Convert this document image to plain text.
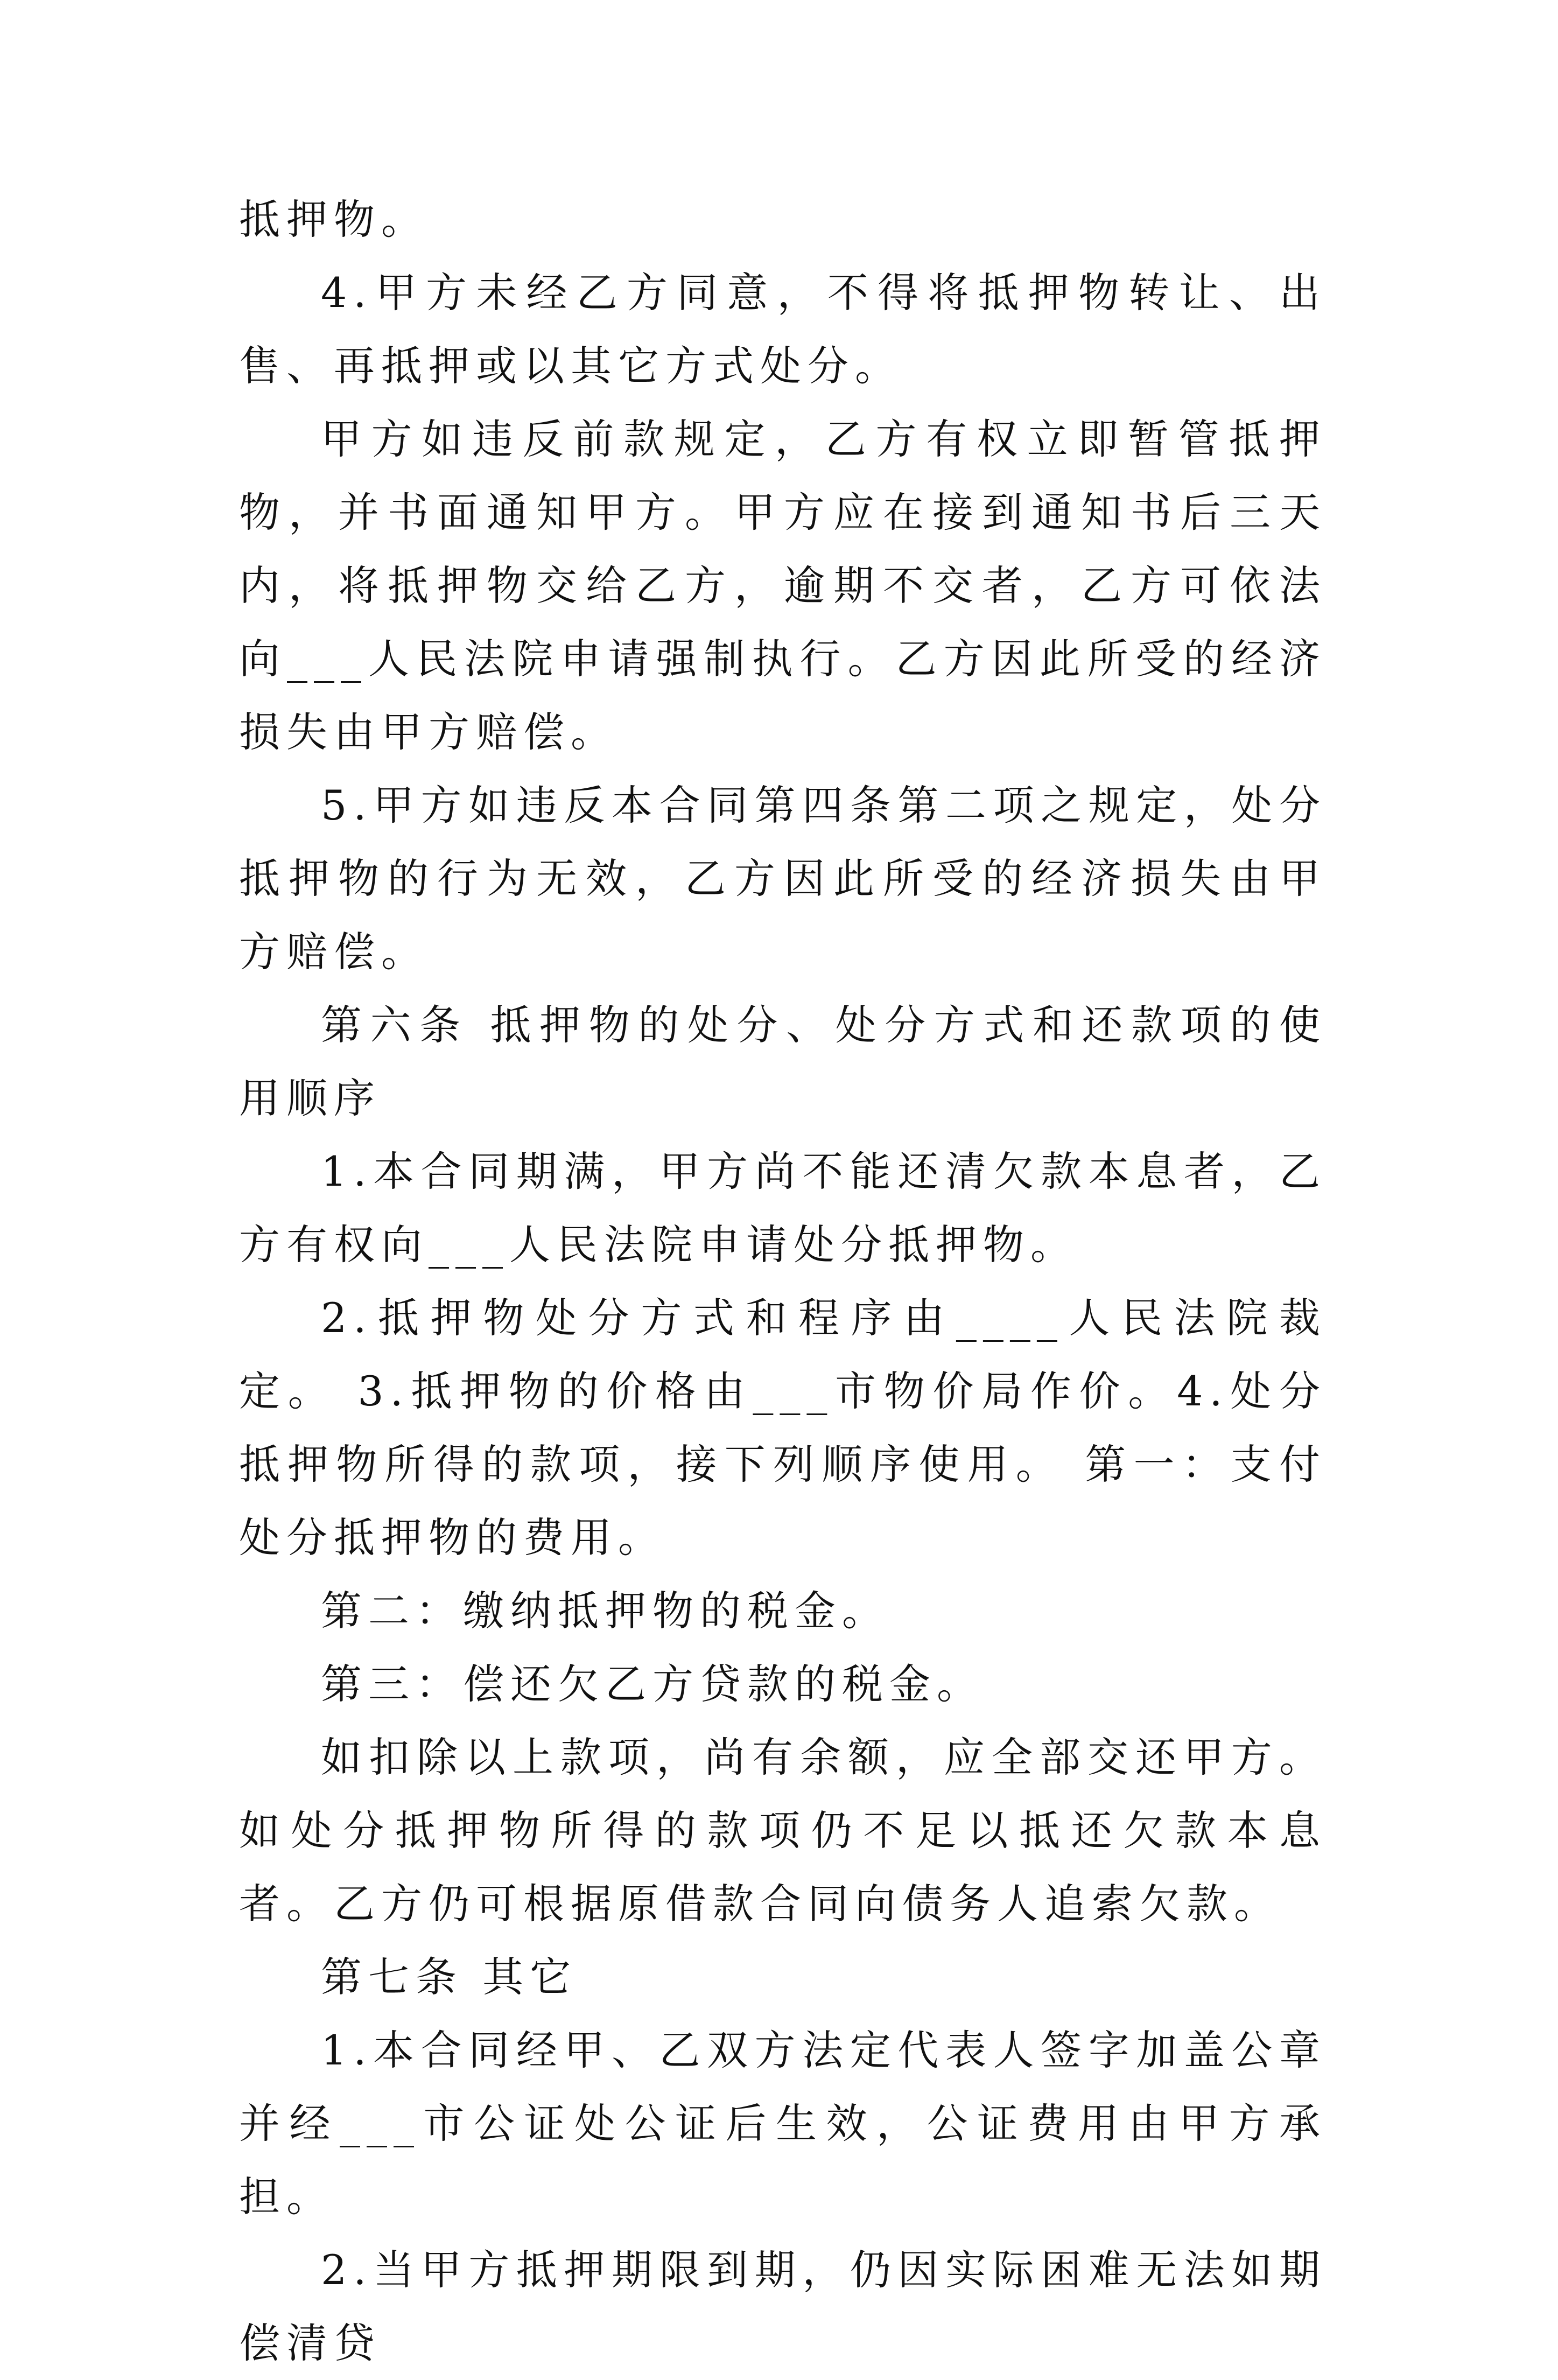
抵押物。

4.甲方未经乙方同意，不得将抵押物转让、出售、再抵押或以其它方式处分。

甲方如违反前款规定，乙方有权立即暂管抵押物，并书面通知甲方。甲方应在接到通知书后三天内，将抵押物交给乙方，逾期不交者，乙方可依法向___人民法院申请强制执行。乙方因此所受的经济损失由甲方赔偿。

5.甲方如违反本合同第四条第二项之规定，处分抵押物的行为无效，乙方因此所受的经济损失由甲方赔偿。

第六条 抵押物的处分、处分方式和还款项的使用顺序

1.本合同期满，甲方尚不能还清欠款本息者，乙方有权向___人民法院申请处分抵押物。

2.抵押物处分方式和程序由____人民法院裁定。 3.抵押物的价格由___市物价局作价。4.处分抵押物所得的款项，接下列顺序使用。 第一：支付处分抵押物的费用。

第二：缴纳抵押物的税金。

第三：偿还欠乙方贷款的税金。

如扣除以上款项，尚有余额，应全部交还甲方。如处分抵押物所得的款项仍不足以抵还欠款本息者。乙方仍可根据原借款合同向债务人追索欠款。

第七条 其它

1.本合同经甲、乙双方法定代表人签字加盖公章并经___市公证处公证后生效，公证费用由甲方承担。

2.当甲方抵押期限到期，仍因实际困难无法如期偿清贷
